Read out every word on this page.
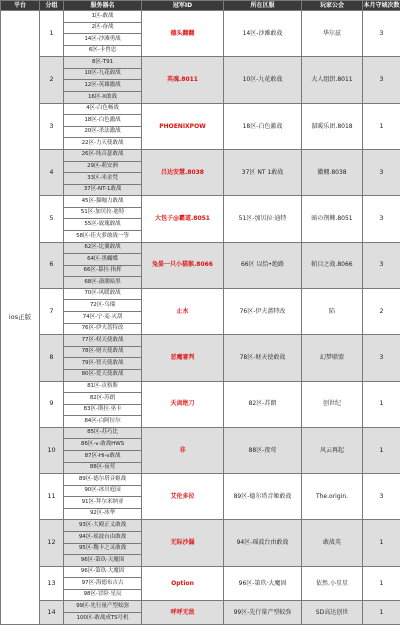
平台	分组	服务器名	冠军ID	所在区服	玩家公会	本月守城次数
ios正版	1	1区-敢战	德头翻翻	14区-沙滩敢战	华尔兹	3
		2区-奋战				
		14区-沙滩勇战				
		6区-卡兽忠				
	2	8区-T91	英魂.8011	10区-九花敢战	大人组织.8011	3
		10区-九花敢战				
		12区-英雄激战				
		16区-X敢战				
	3	4区-白色畅战	PHOENIXPOW	18区-白色激战	湄暖乐团.8018	1
		18区-白色激战				
		20区-杀法激战				
		22区-力天使敢战				
	4	26区-纯音瑟敢战	吕达安慧.8038	37区 NT 1敢战	徽翱.8038	3
		29区-莉安洲				
		33区-米金梵				
		37区-NT-1敢战				
	5	45区-猫咖力敢战	大包子@霸道.8051	51区-加贝拉·迪特	暗の荆棘.8051	3
		51区-加贝拉·迪特				
		55区-致瑰敢战				
		58区-佳夫萝敢战一等				
	6	62区-比翼敢战	兔晏一只小猫猴.8066	66区 以恰•绝路	帕目之战.8066	3
		64区-黑蝴蝶				
		66区-幕拉·指挥				
		68区-潇潮暗黑				
	7	70区-风暖敢战	止水	76区-伊夫蔷特改	陷	2
		72区-乌瑠				
		74区-宁·麦·灭刮				
		76区-伊夫蔷特改				
	8	77区-权天使敢战	恶魔審判	78区-财天使敢战	幻梦联盟	3
		78区-财天使敢战				
		79区-智天使敢战				
		80区-爱天使敢战				
	9	81区-贡格斯	天剑绝刀	82区-苏朗	创世纪	1
		82区-苏朗				
		83区-斯拉·巫卡				
		84区-白阿拉尔				
	10	85区-苏巧比	非	88区-夜莺	风云再起	1
		86区-v·敢战HWS				
		87区-Hi-v敢战				
		88区-夜莺				
	11	89区-德尔塔音姬战	艾伦多拉	89区-德尔塔音姬敢战	The.origin.	3
		90区-冰川庭园				
		91区-拜尔米纳亚				
		92区-冰华				
	12	93区-大殿正义敢战	无际沙漏	94区-瑶波台由敢战	敢战英	1
		94区-瑶波台由敢战				
		95区-魏卡之灵敢战				
		96区-第玖·天魔围				
	13	96区-第玖·大魔固	Option	96区-第玖·大魔固	依然.小星星	1
		97区-海德布吉古				
		98区-冒险·星辰				
	14	99区-先行量产型蚊弥	呼呼无敌	99区-先行量产型蚊弥	SD高达创世	1
		100区-敢战成TS号机				
